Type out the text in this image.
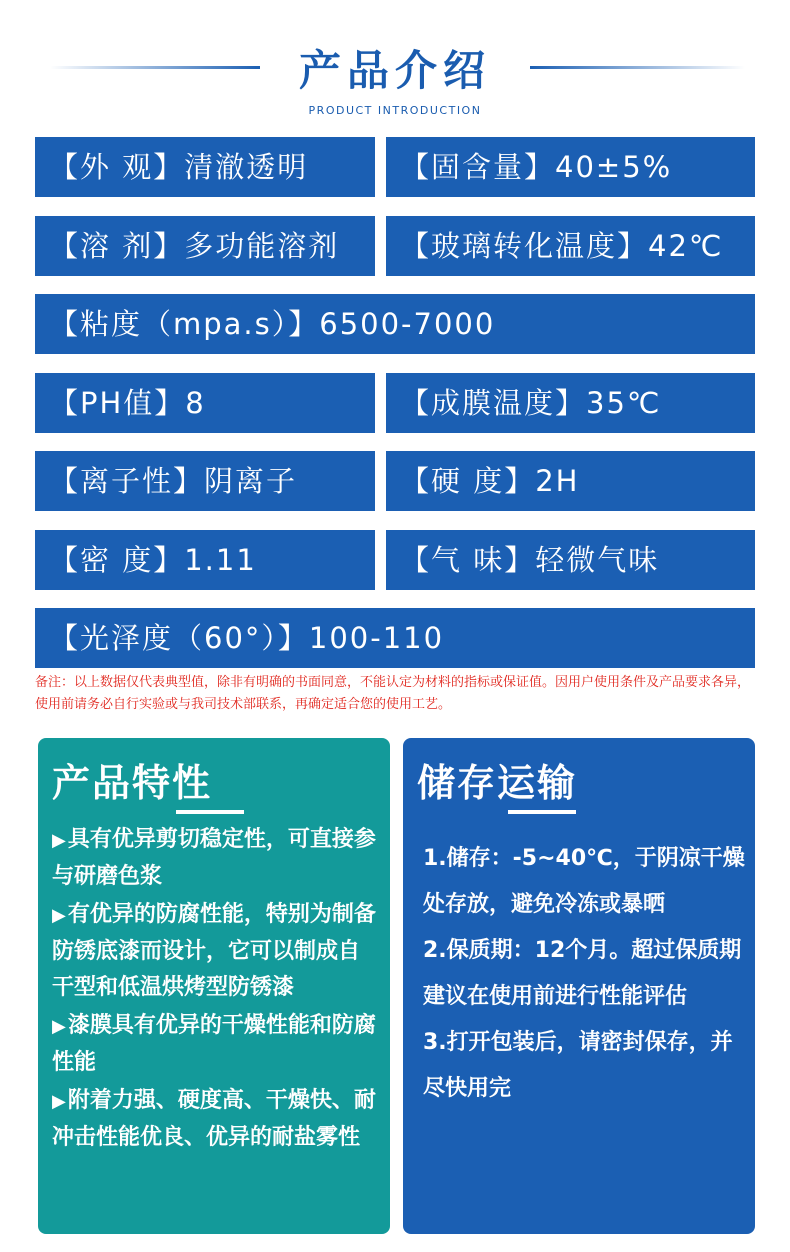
产品介绍
PRODUCT INTRODUCTION
【外 观】清澈透明	【固含量】40±5%
【溶 剂】多功能溶剂	【玻璃转化温度】42℃
【粘度（mpa.s）】6500-7000
【PH值】8	【成膜温度】35℃
【离子性】阴离子	【硬 度】2H
【密 度】1.11	【气 味】轻微气味
【光泽度（60°）】100-110
备注：以上数据仅代表典型值，除非有明确的书面同意，不能认定为材料的指标或保证值。因用户使用条件及产品要求各异，使用前请务必自行实验或与我司技术部联系，再确定适合您的使用工艺。
产品特性
▶具有优异剪切稳定性，可直接参与研磨色浆
▶有优异的防腐性能，特别为制备防锈底漆而设计，它可以制成自干型和低温烘烤型防锈漆
▶漆膜具有优异的干燥性能和防腐性能
▶附着力强、硬度高、干燥快、耐冲击性能优良、优异的耐盐雾性
储存运输
1.储存：-5~40℃，于阴凉干燥处存放，避免冷冻或暴晒
2.保质期：12个月。超过保质期建议在使用前进行性能评估
3.打开包装后，请密封保存，并尽快用完
